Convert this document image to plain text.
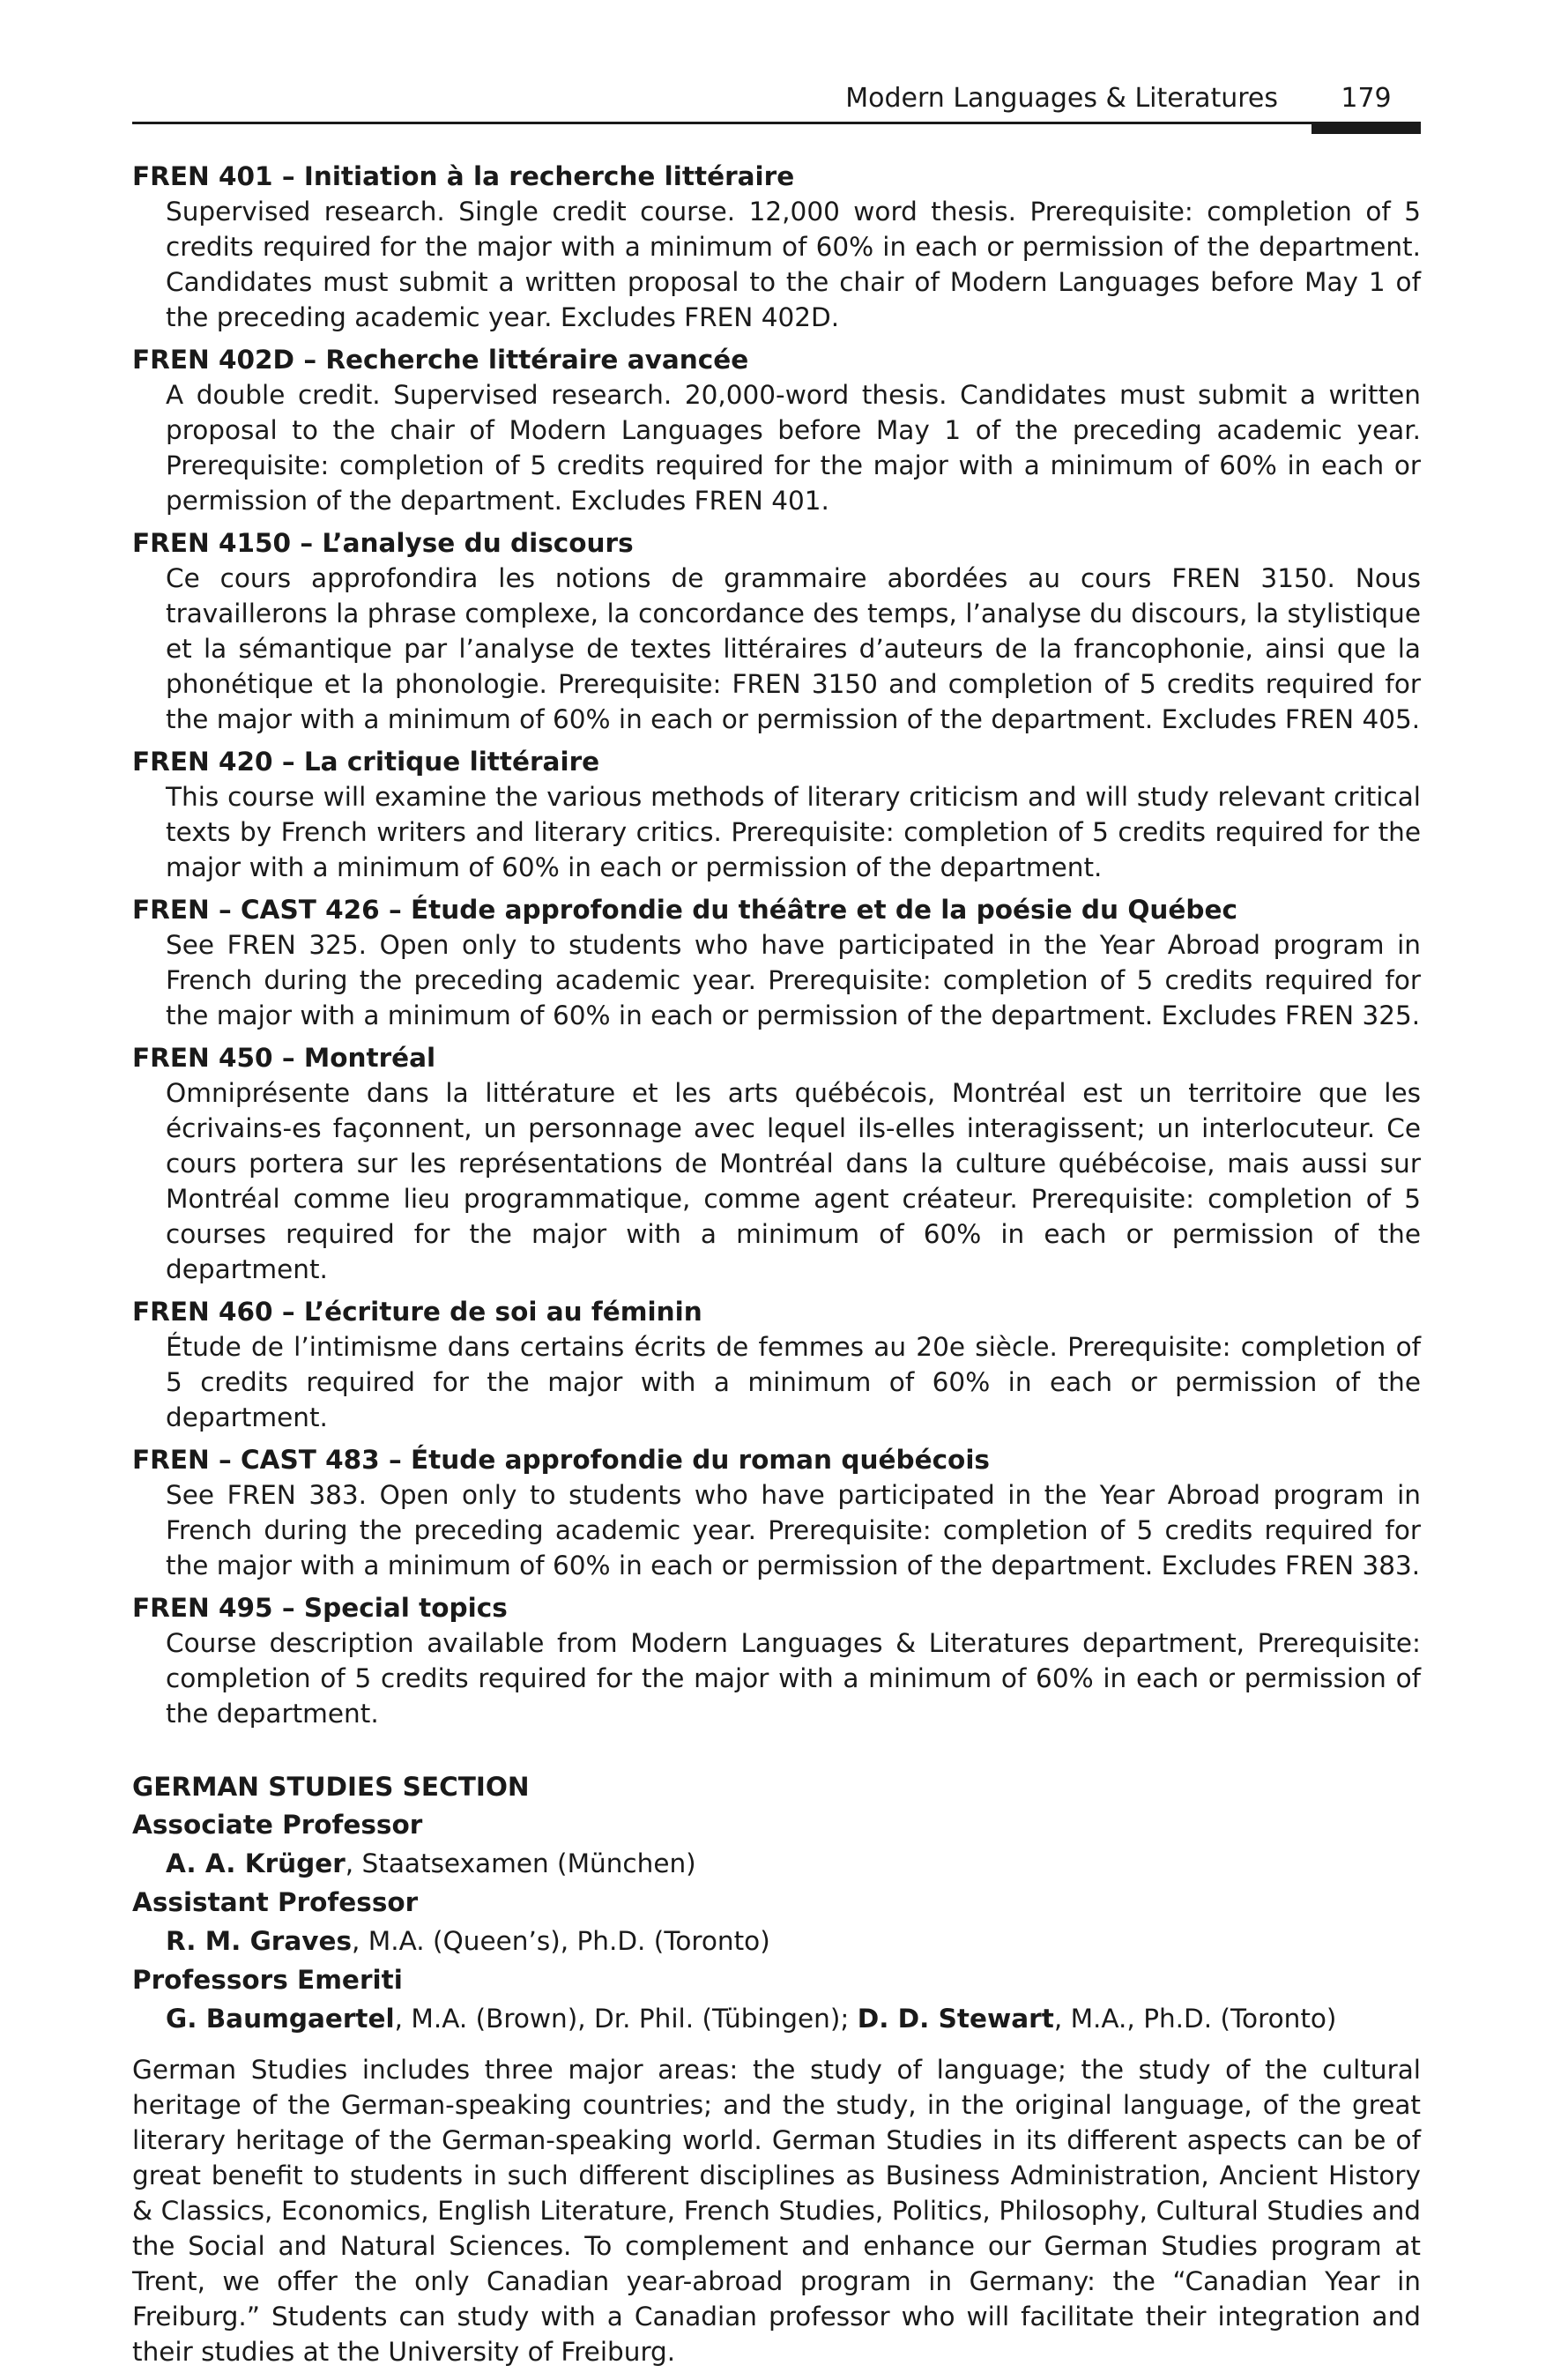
Modern Languages & Literatures	179
FREN 401 – Initiation à la recherche littéraire
Supervised research. Single credit course. 12,000 word thesis. Prerequisite: completion of 5 credits required for the major with a minimum of 60% in each or permission of the department. Candidates must submit a written proposal to the chair of Modern Languages before May 1 of the preceding academic year. Excludes FREN 402D.
FREN 402D – Recherche littéraire avancée
A double credit. Supervised research. 20,000-word thesis. Candidates must submit a written proposal to the chair of Modern Languages before May 1 of the preceding academic year. Prerequisite: completion of 5 credits required for the major with a minimum of 60% in each or permission of the department. Excludes FREN 401.
FREN 4150 – L’analyse du discours
Ce cours approfondira les notions de grammaire abordées au cours FREN 3150. Nous travaillerons la phrase complexe, la concordance des temps, l’analyse du discours, la stylistique et la sémantique par l’analyse de textes littéraires d’auteurs de la francophonie, ainsi que la phonétique et la phonologie. Prerequisite: FREN 3150 and completion of 5 credits required for the major with a minimum of 60% in each or permission of the department. Excludes FREN 405.
FREN 420 – La critique littéraire
This course will examine the various methods of literary criticism and will study relevant critical texts by French writers and literary critics. Prerequisite: completion of 5 credits required for the major with a minimum of 60% in each or permission of the department.
FREN – CAST 426 – Étude approfondie du théâtre et de la poésie du Québec
See FREN 325. Open only to students who have participated in the Year Abroad program in French during the preceding academic year. Prerequisite: completion of 5 credits required for the major with a minimum of 60% in each or permission of the department. Excludes FREN 325.
FREN 450 – Montréal
Omniprésente dans la littérature et les arts québécois, Montréal est un territoire que les écrivains-es façonnent, un personnage avec lequel ils-elles interagissent; un interlocuteur. Ce cours portera sur les représentations de Montréal dans la culture québécoise, mais aussi sur Montréal comme lieu programmatique, comme agent créateur. Prerequisite: completion of 5 courses required for the major with a minimum of 60% in each or permission of the department.
FREN 460 – L’écriture de soi au féminin
Étude de l’intimisme dans certains écrits de femmes au 20e siècle. Prerequisite: completion of 5 credits required for the major with a minimum of 60% in each or permission of the department.
FREN – CAST 483 – Étude approfondie du roman québécois
See FREN 383. Open only to students who have participated in the Year Abroad program in French during the preceding academic year. Prerequisite: completion of 5 credits required for the major with a minimum of 60% in each or permission of the department. Excludes FREN 383.
FREN 495 – Special topics
Course description available from Modern Languages & Literatures department, Prerequisite: completion of 5 credits required for the major with a minimum of 60% in each or permission of the department.
GERMAN STUDIES SECTION
Associate Professor
A. A. Krüger, Staatsexamen (München)
Assistant Professor
R. M. Graves, M.A. (Queen’s), Ph.D. (Toronto)
Professors Emeriti
G. Baumgaertel, M.A. (Brown), Dr. Phil. (Tübingen); D. D. Stewart, M.A., Ph.D. (Toronto)
German Studies includes three major areas: the study of language; the study of the cultural heritage of the German-speaking countries; and the study, in the original language, of the great literary heritage of the German-speaking world. German Studies in its different aspects can be of great benefit to students in such different disciplines as Business Administration, Ancient History & Classics, Economics, English Literature, French Studies, Politics, Philosophy, Cultural Studies and the Social and Natural Sciences. To complement and enhance our German Studies program at Trent, we offer the only Canadian year-abroad program in Germany: the “Canadian Year in Freiburg.” Students can study with a Canadian professor who will facilitate their integration and their studies at the University of Freiburg.
